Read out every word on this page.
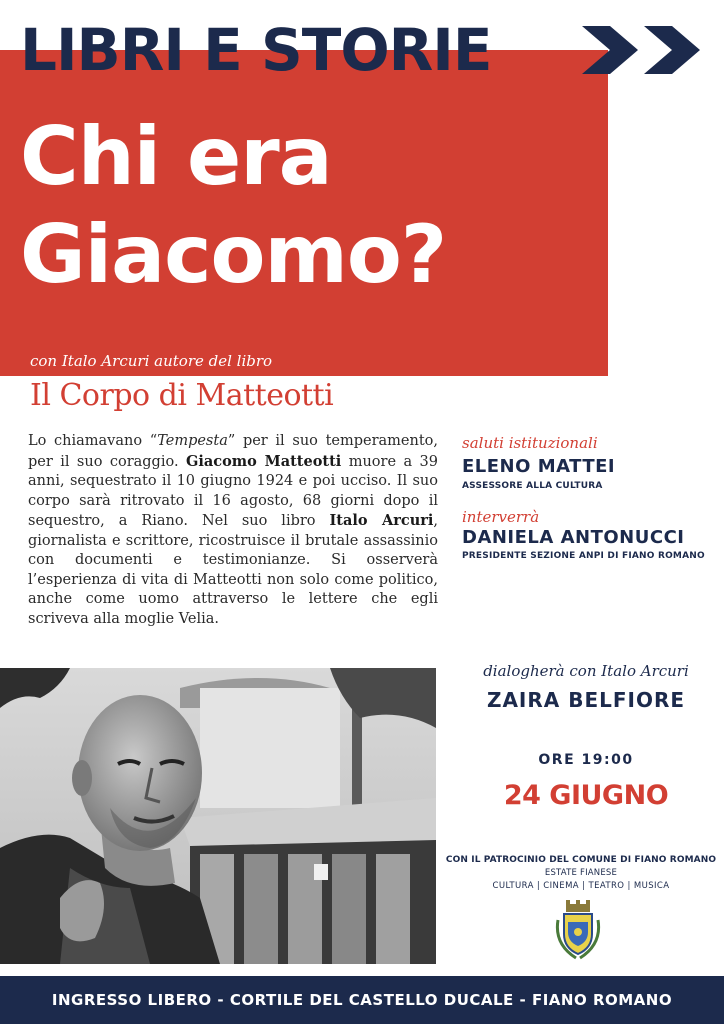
LIBRI E STORIE
Chi era
Giacomo?
con Italo Arcuri autore del libro
Il Corpo di Matteotti

Lo chiamavano “Tempesta” per il suo temperamento, per il suo coraggio. Giacomo Matteotti muore a 39 anni, sequestrato il 10 giugno 1924 e poi ucciso. Il suo corpo sarà ritrovato il 16 agosto, 68 giorni dopo il sequestro, a Riano. Nel suo libro Italo Arcuri, giornalista e scrittore, ricostruisce il brutale assassinio con documenti e testimonianze. Si osserverà l’esperienza di vita di Matteotti non solo come politico, anche come uomo attraverso le lettere che egli scriveva alla moglie Velia.

saluti istituzionali
ELENO MATTEI
ASSESSORE ALLA CULTURA
interverrà
DANIELA ANTONUCCI
PRESIDENTE SEZIONE ANPI DI FIANO ROMANO
dialogherà con Italo Arcuri
ZAIRA BELFIORE
ORE 19:00
24 GIUGNO
CON IL PATROCINIO DEL COMUNE DI FIANO ROMANO
ESTATE FIANESE
CULTURA | CINEMA | TEATRO | MUSICA
INGRESSO LIBERO - CORTILE DEL CASTELLO DUCALE - FIANO ROMANO
